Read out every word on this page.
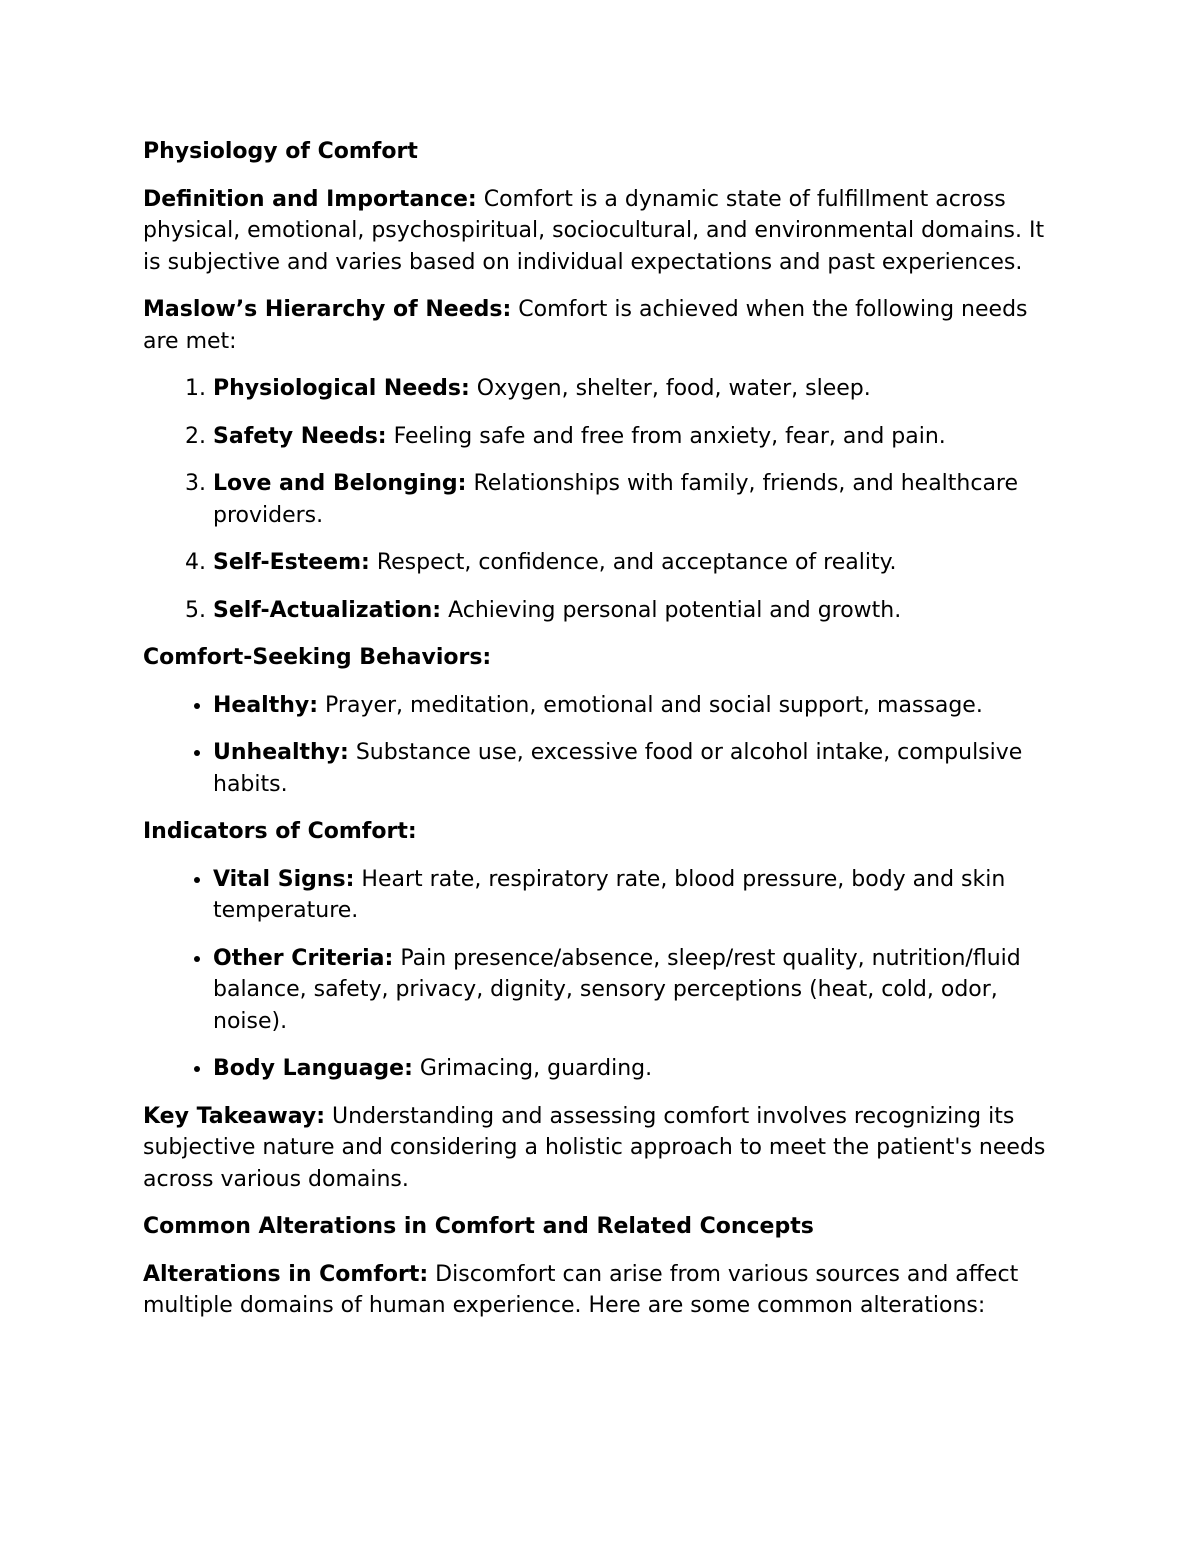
Physiology of Comfort

Definition and Importance: Comfort is a dynamic state of fulfillment across physical, emotional, psychospiritual, sociocultural, and environmental domains. It is subjective and varies based on individual expectations and past experiences.

Maslow’s Hierarchy of Needs: Comfort is achieved when the following needs are met:

1. Physiological Needs: Oxygen, shelter, food, water, sleep.
2. Safety Needs: Feeling safe and free from anxiety, fear, and pain.
3. Love and Belonging: Relationships with family, friends, and healthcare providers.
4. Self-Esteem: Respect, confidence, and acceptance of reality.
5. Self-Actualization: Achieving personal potential and growth.

Comfort-Seeking Behaviors:

• Healthy: Prayer, meditation, emotional and social support, massage.
• Unhealthy: Substance use, excessive food or alcohol intake, compulsive habits.

Indicators of Comfort:

• Vital Signs: Heart rate, respiratory rate, blood pressure, body and skin temperature.
• Other Criteria: Pain presence/absence, sleep/rest quality, nutrition/fluid balance, safety, privacy, dignity, sensory perceptions (heat, cold, odor, noise).
• Body Language: Grimacing, guarding.

Key Takeaway: Understanding and assessing comfort involves recognizing its subjective nature and considering a holistic approach to meet the patient's needs across various domains.

Common Alterations in Comfort and Related Concepts

Alterations in Comfort: Discomfort can arise from various sources and affect multiple domains of human experience. Here are some common alterations:
